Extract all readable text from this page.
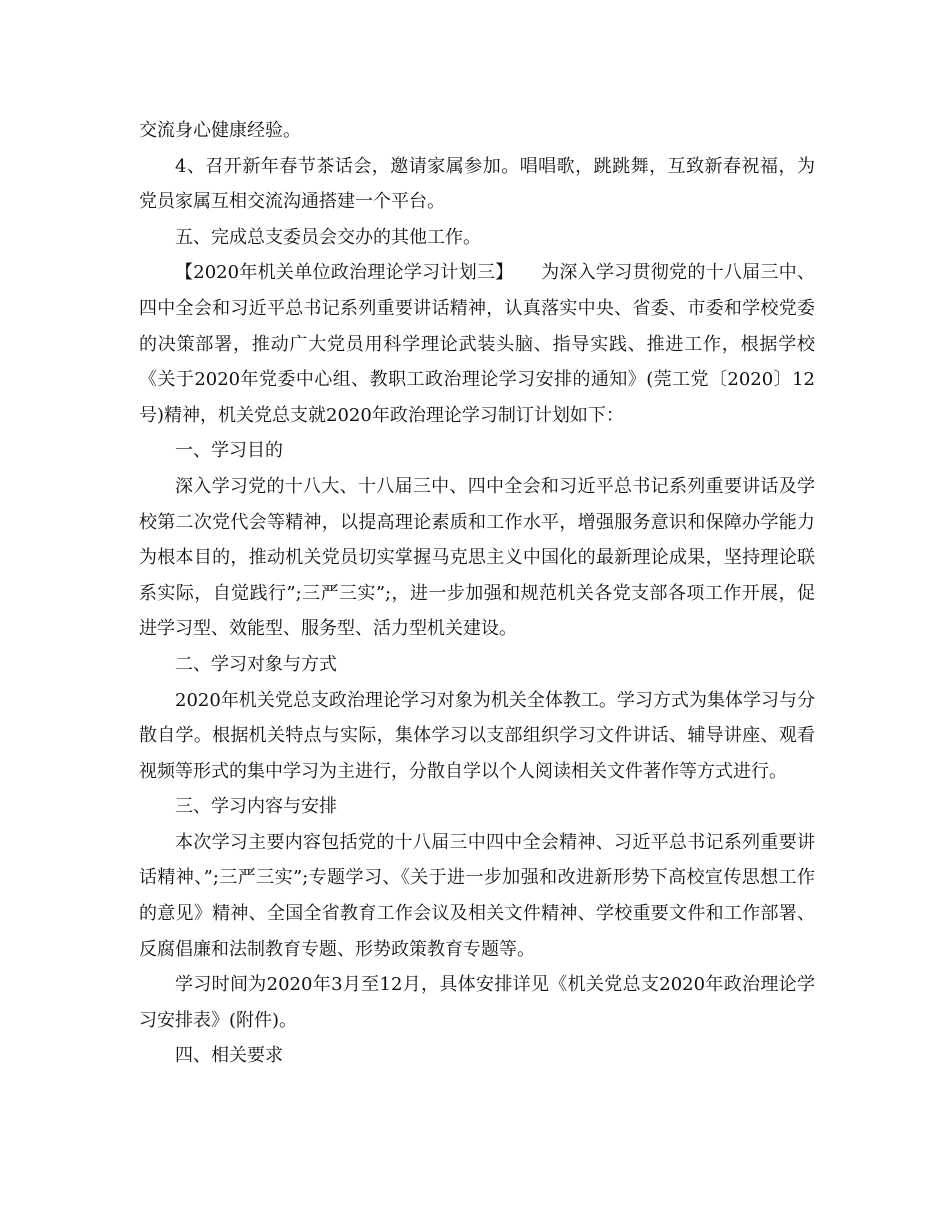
交流身心健康经验。

4、召开新年春节茶话会，邀请家属参加。唱唱歌，跳跳舞，互致新春祝福，为党员家属互相交流沟通搭建一个平台。

五、完成总支委员会交办的其他工作。

【2020年机关单位政治理论学习计划三】　　为深入学习贯彻党的十八届三中、四中全会和习近平总书记系列重要讲话精神，认真落实中央、省委、市委和学校党委的决策部署，推动广大党员用科学理论武装头脑、指导实践、推进工作，根据学校《关于2020年党委中心组、教职工政治理论学习安排的通知》(莞工党〔2020〕12号)精神，机关党总支就2020年政治理论学习制订计划如下：

一、学习目的

深入学习党的十八大、十八届三中、四中全会和习近平总书记系列重要讲话及学校第二次党代会等精神，以提高理论素质和工作水平，增强服务意识和保障办学能力为根本目的，推动机关党员切实掌握马克思主义中国化的最新理论成果，坚持理论联系实际，自觉践行”;三严三实”;，进一步加强和规范机关各党支部各项工作开展，促进学习型、效能型、服务型、活力型机关建设。

二、学习对象与方式

2020年机关党总支政治理论学习对象为机关全体教工。学习方式为集体学习与分散自学。根据机关特点与实际，集体学习以支部组织学习文件讲话、辅导讲座、观看视频等形式的集中学习为主进行，分散自学以个人阅读相关文件著作等方式进行。

三、学习内容与安排

本次学习主要内容包括党的十八届三中四中全会精神、习近平总书记系列重要讲话精神、”;三严三实”;专题学习、《关于进一步加强和改进新形势下高校宣传思想工作的意见》精神、全国全省教育工作会议及相关文件精神、学校重要文件和工作部署、反腐倡廉和法制教育专题、形势政策教育专题等。

学习时间为2020年3月至12月，具体安排详见《机关党总支2020年政治理论学习安排表》(附件)。

四、相关要求
